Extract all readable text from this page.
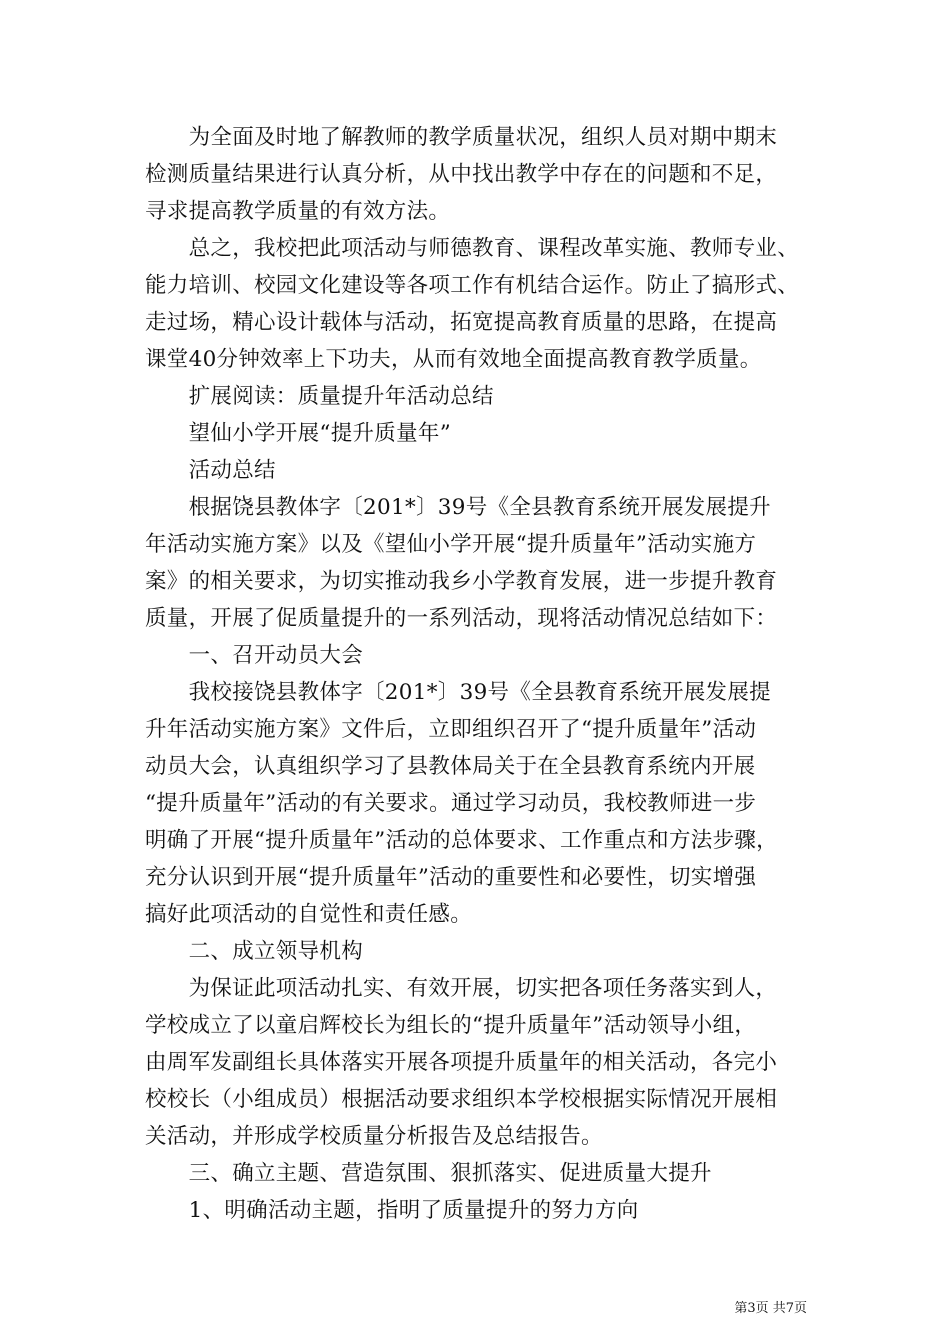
　　为全面及时地了解教师的教学质量状况，组织人员对期中期末
检测质量结果进行认真分析，从中找出教学中存在的问题和不足，
寻求提高教学质量的有效方法。
　　总之，我校把此项活动与师德教育、课程改革实施、教师专业、
能力培训、校园文化建设等各项工作有机结合运作。防止了搞形式、
走过场，精心设计载体与活动，拓宽提高教育质量的思路，在提高
课堂40分钟效率上下功夫，从而有效地全面提高教育教学质量。
　　扩展阅读：质量提升年活动总结
　　望仙小学开展“提升质量年”
　　活动总结
　　根据饶县教体字〔201*〕39号《全县教育系统开展发展提升
年活动实施方案》以及《望仙小学开展“提升质量年”活动实施方
案》的相关要求，为切实推动我乡小学教育发展，进一步提升教育
质量，开展了促质量提升的一系列活动，现将活动情况总结如下：
　　一、召开动员大会
　　我校接饶县教体字〔201*〕39号《全县教育系统开展发展提
升年活动实施方案》文件后，立即组织召开了“提升质量年”活动
动员大会，认真组织学习了县教体局关于在全县教育系统内开展
“提升质量年”活动的有关要求。通过学习动员，我校教师进一步
明确了开展“提升质量年”活动的总体要求、工作重点和方法步骤，
充分认识到开展“提升质量年”活动的重要性和必要性，切实增强
搞好此项活动的自觉性和责任感。
　　二、成立领导机构
　　为保证此项活动扎实、有效开展，切实把各项任务落实到人，
学校成立了以童启辉校长为组长的“提升质量年”活动领导小组，
由周军发副组长具体落实开展各项提升质量年的相关活动，各完小
校校长（小组成员）根据活动要求组织本学校根据实际情况开展相
关活动，并形成学校质量分析报告及总结报告。
　　三、确立主题、营造氛围、狠抓落实、促进质量大提升
　　1、明确活动主题，指明了质量提升的努力方向
第3页 共7页
